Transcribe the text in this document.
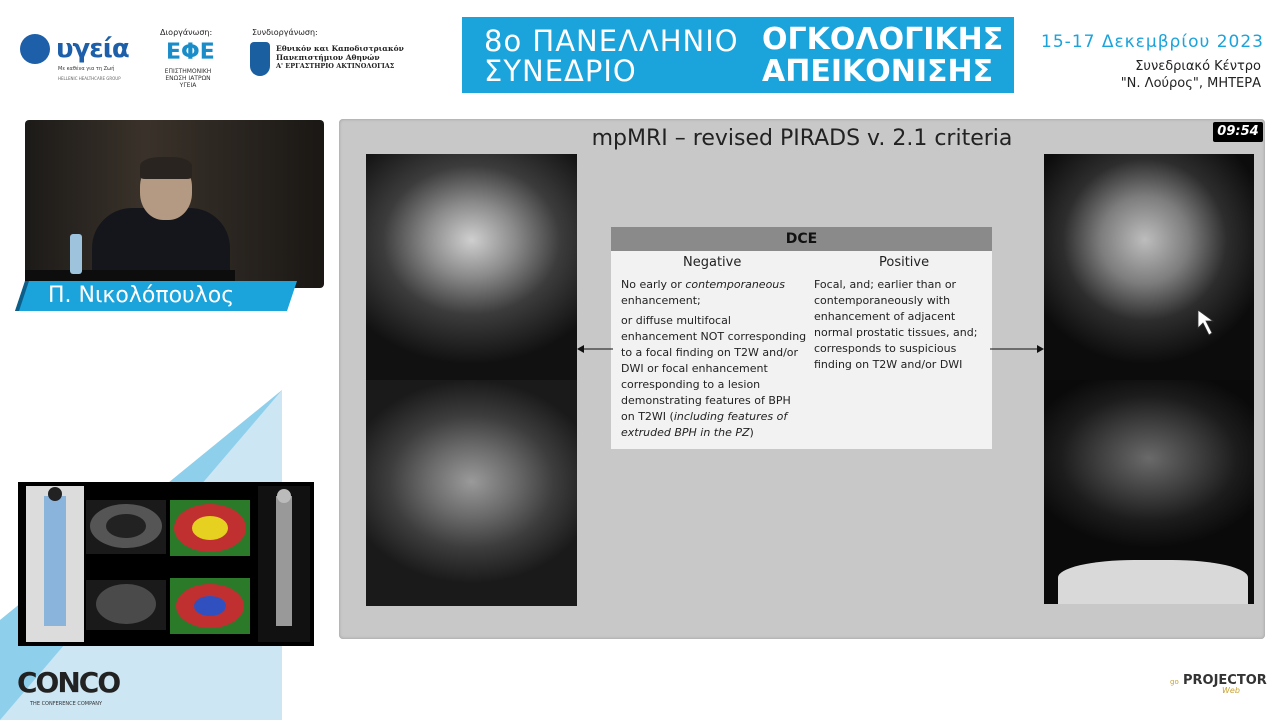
υγεία
Με καθένα για τη Ζωή
HELLENIC HEALTHCARE GROUP
Διοργάνωση:
ΕΦΕ
ΕΠΙΣΤΗΜΟΝΙΚΗ ΕΝΩΣΗ ΙΑΤΡΩΝ ΥΓΕΙΑ
Συνδιοργάνωση:
Εθνικόν και Καποδιστριακόν
Πανεπιστήμιον Αθηνών
Α' ΕΡΓΑΣΤΗΡΙΟ ΑΚΤΙΝΟΛΟΓΙΑΣ
8ο ΠΑΝΕΛΛΗΝΙΟ
ΣΥΝΕΔΡΙΟ
ΟΓΚΟΛΟΓΙΚΗΣ
ΑΠΕΙΚΟΝΙΣΗΣ
15-17 Δεκεμβρίου 2023
Συνεδριακό Κέντρο
"Ν. Λούρος", ΜΗΤΕΡΑ
Π. Νικολόπουλος
CONCO
THE CONFERENCE COMPANY
mpMRI – revised PIRADS v. 2.1 criteria	09:54
DCE
Negative	Positive
No early or contemporaneous enhancement;
or diffuse multifocal enhancement NOT corresponding to a focal finding on T2W and/or DWI or focal enhancement corresponding to a lesion demonstrating features of BPH on T2WI (including features of extruded BPH in the PZ)
Focal, and; earlier than or contemporaneously with enhancement of adjacent normal prostatic tissues, and; corresponds to suspicious finding on T2W and/or DWI
go PROJECTOR
Web
